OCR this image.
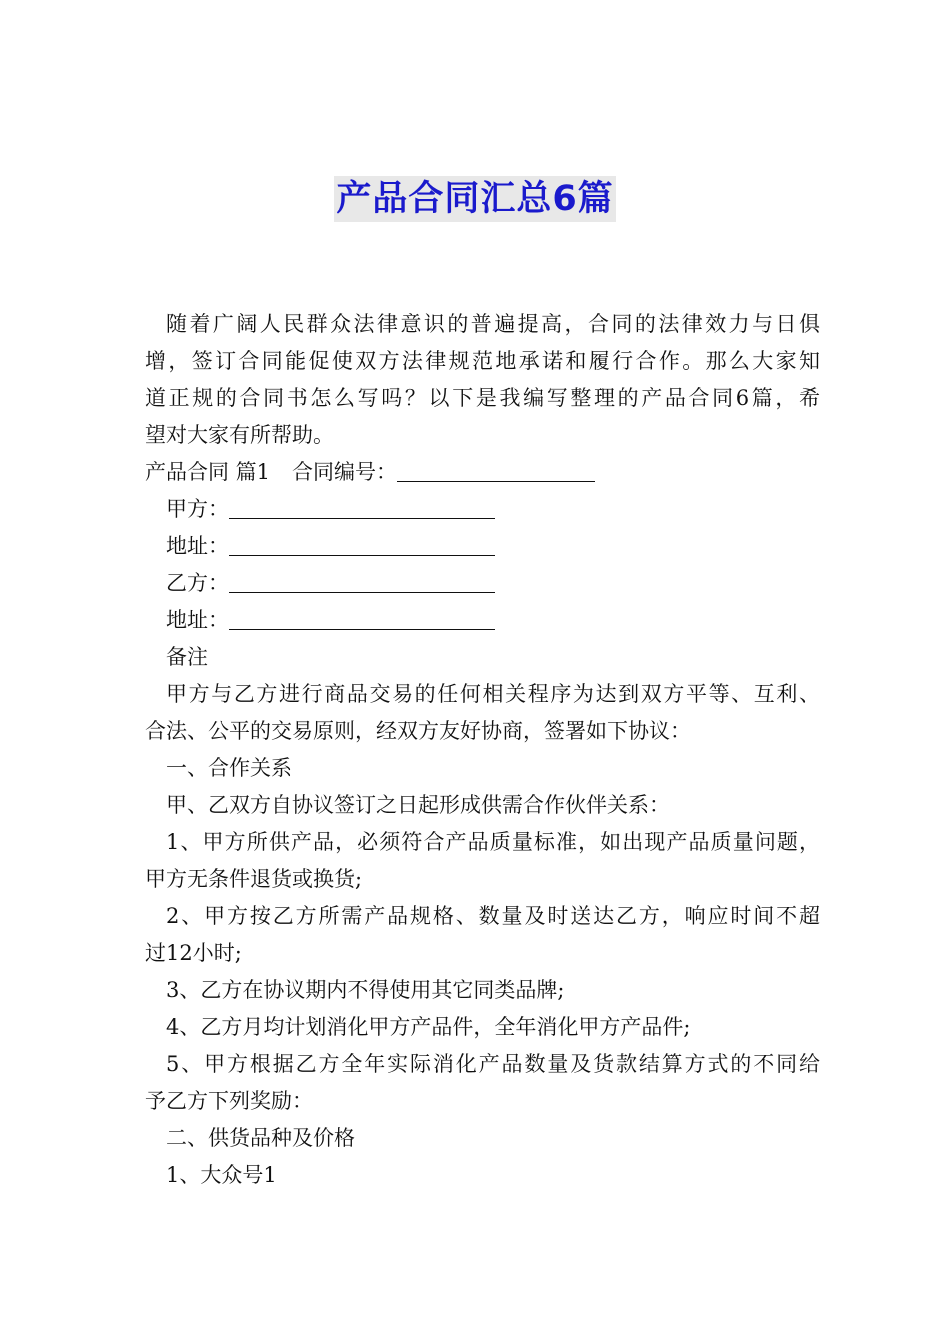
产品合同汇总6篇
随着广阔人民群众法律意识的普遍提高，合同的法律效力与日俱
增，签订合同能促使双方法律规范地承诺和履行合作。那么大家知
道正规的合同书怎么写吗？以下是我编写整理的产品合同6篇，希
望对大家有所帮助。
产品合同 篇1 合同编号：
甲方：
地址：
乙方：
地址：
备注
甲方与乙方进行商品交易的任何相关程序为达到双方平等、互利、
合法、公平的交易原则，经双方友好协商，签署如下协议：
一、合作关系
甲、乙双方自协议签订之日起形成供需合作伙伴关系：
1、甲方所供产品，必须符合产品质量标准，如出现产品质量问题，
甲方无条件退货或换货;
2、甲方按乙方所需产品规格、数量及时送达乙方，响应时间不超
过12小时;
3、乙方在协议期内不得使用其它同类品牌;
4、乙方月均计划消化甲方产品件，全年消化甲方产品件;
5、甲方根据乙方全年实际消化产品数量及货款结算方式的不同给
予乙方下列奖励：
二、供货品种及价格
1、大众号1
